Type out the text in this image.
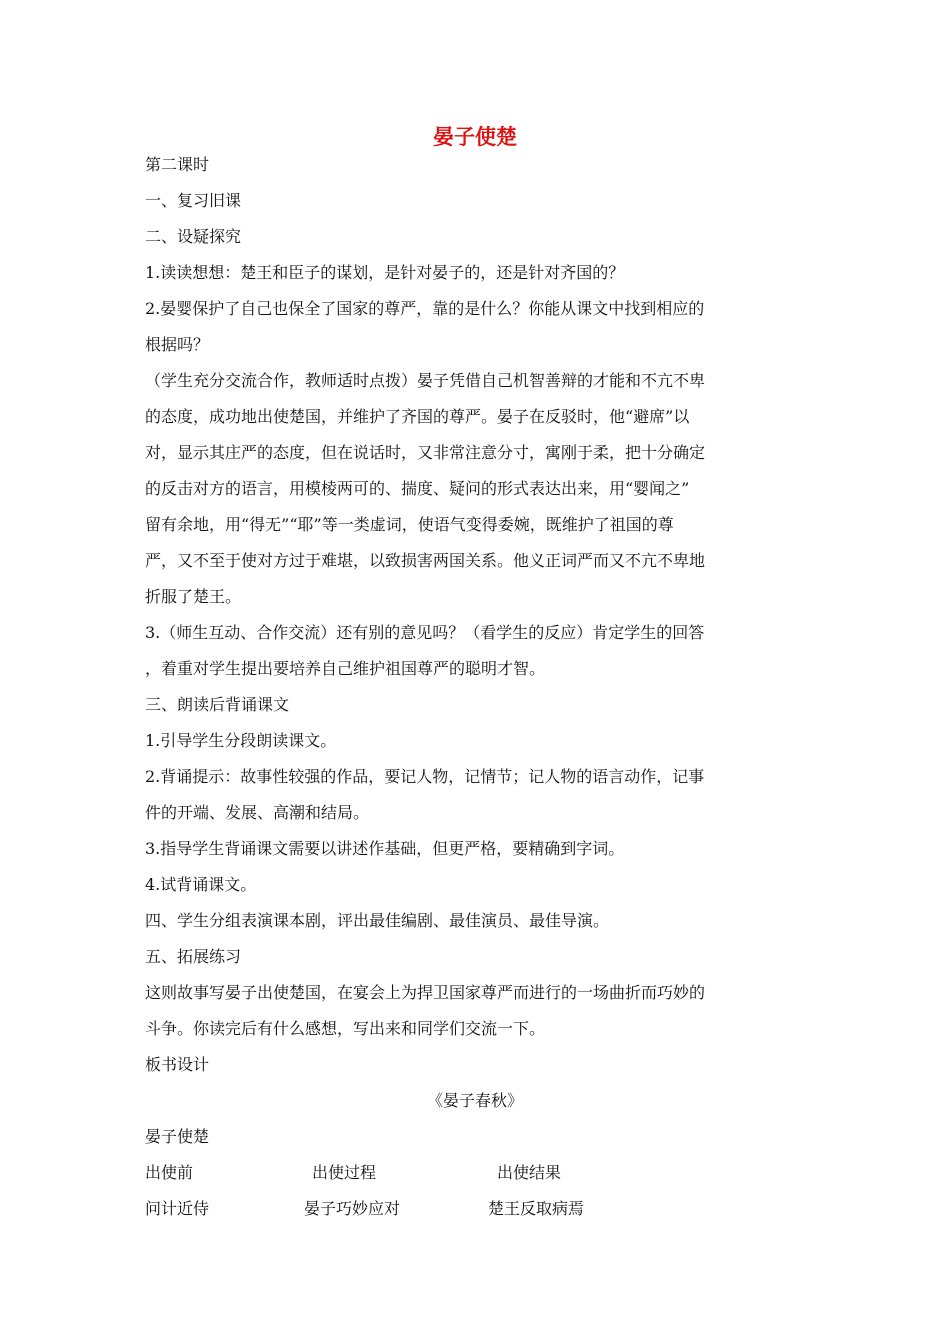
晏子使楚

第二课时

一、复习旧课

二、设疑探究

1.读读想想：楚王和臣子的谋划，是针对晏子的，还是针对齐国的？

2.晏婴保护了自己也保全了国家的尊严，靠的是什么？你能从课文中找到相应的

根据吗？

（学生充分交流合作，教师适时点拨）晏子凭借自己机智善辩的才能和不亢不卑

的态度，成功地出使楚国，并维护了齐国的尊严。晏子在反驳时，他“避席”以

对，显示其庄严的态度，但在说话时，又非常注意分寸，寓刚于柔，把十分确定

的反击对方的语言，用模棱两可的、揣度、疑问的形式表达出来，用“婴闻之”

留有余地，用“得无”“耶”等一类虚词，使语气变得委婉，既维护了祖国的尊

严，又不至于使对方过于难堪，以致损害两国关系。他义正词严而又不亢不卑地

折服了楚王。

3.（师生互动、合作交流）还有别的意见吗？（看学生的反应）肯定学生的回答

，着重对学生提出要培养自己维护祖国尊严的聪明才智。

三、朗读后背诵课文

1.引导学生分段朗读课文。

2.背诵提示：故事性较强的作品，要记人物，记情节；记人物的语言动作，记事

件的开端、发展、高潮和结局。

3.指导学生背诵课文需要以讲述作基础，但更严格，要精确到字词。

4.试背诵课文。

四、学生分组表演课本剧，评出最佳编剧、最佳演员、最佳导演。

五、拓展练习

这则故事写晏子出使楚国，在宴会上为捍卫国家尊严而进行的一场曲折而巧妙的

斗争。你读完后有什么感想，写出来和同学们交流一下。

板书设计

《晏子春秋》

晏子使楚

出使前	出使过程	出使结果
问计近侍	晏子巧妙应对	楚王反取病焉
